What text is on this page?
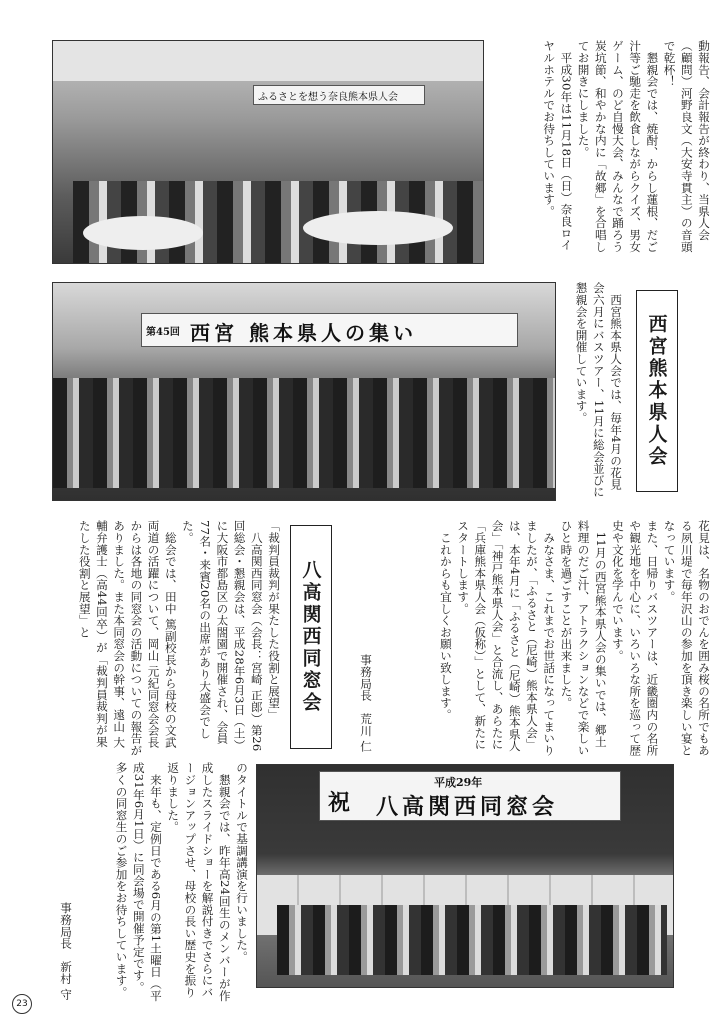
ふるさとを想う奈良熊本県人会	動報告、会計報告が終わり、当県人会（顧問）河野良文（大安寺貫主）の音頭で乾杯！
　懇親会では、焼酎、からし蓮根、だご汁等ご馳走を飲食しながらクイズ、男女ゲーム、のど自慢大会、みんなで踊ろう炭坑節、和やかな内に「故郷」を合唱してお開きにしました。
　平成30年は11月18日（日）奈良ロイヤルホテルでお待ちしています。
第45回 西宮 熊本県人の集い	　西宮熊本県人会では、毎年4月の花見会六月にバスツアー、11月に総会並びに懇親会を開催しています。	西宮熊本県人会
花見は、名物のおでんを囲み桜の名所でもある夙川堤で毎年沢山の参加を頂き楽しい宴となっています。
また、日帰りバスツアーは、近畿圏内の名所や観光地を中心に、いろいろな所を巡って歴史や文化を学んでいます。
　11月の西宮熊本県人会の集いでは、郷土料理のだご汁、アトラクションなどで楽しいひと時を過ごすことが出来ました。
　みなさま、これまでお世話になってまいりましたが、「ふるさと（尼崎）熊本県人会」は、本年4月に「ふるさと（尼崎）熊本県人会」「神戸熊本県人会」と合流し、あらたに「兵庫熊本県人会（仮称）」として、新たにスタートします。
　これからも宜しくお願い致します。
事務局長　荒川 仁
八高関西同窓会
「裁判員裁判が果たした役割と展望」
　八高関西同窓会（会長：宮崎 正郎）第26回総会・懇親会は、平成28年6月3日（土）に大阪市都島区の太閤園で開催され、会員77名・来賓20名の出席があり大盛会でした。
　総会では、田中 篤副校長から母校の文武両道の活躍について、岡山 元紀同窓会会長からは各地の同窓会の活動についての報告がありました。また本同窓会の幹事、遠山 大輔弁護士（高44回卒）が「裁判員裁判が果たした役割と展望」と
のタイトルで基調講演を行いました。
　懇親会では、昨年高24回生のメンバーが作成したスライドショーを解説付きでさらにバージョンアップさせ、母校の長い歴史を振り返りました。
　来年も、定例日である6月の第1土曜日（平成31年6月1日）に同会場で開催予定です。多くの同窓生のご参加をお待ちしています。
事務局長　新村 守
平成29年
祝 八高関西同窓会
23
